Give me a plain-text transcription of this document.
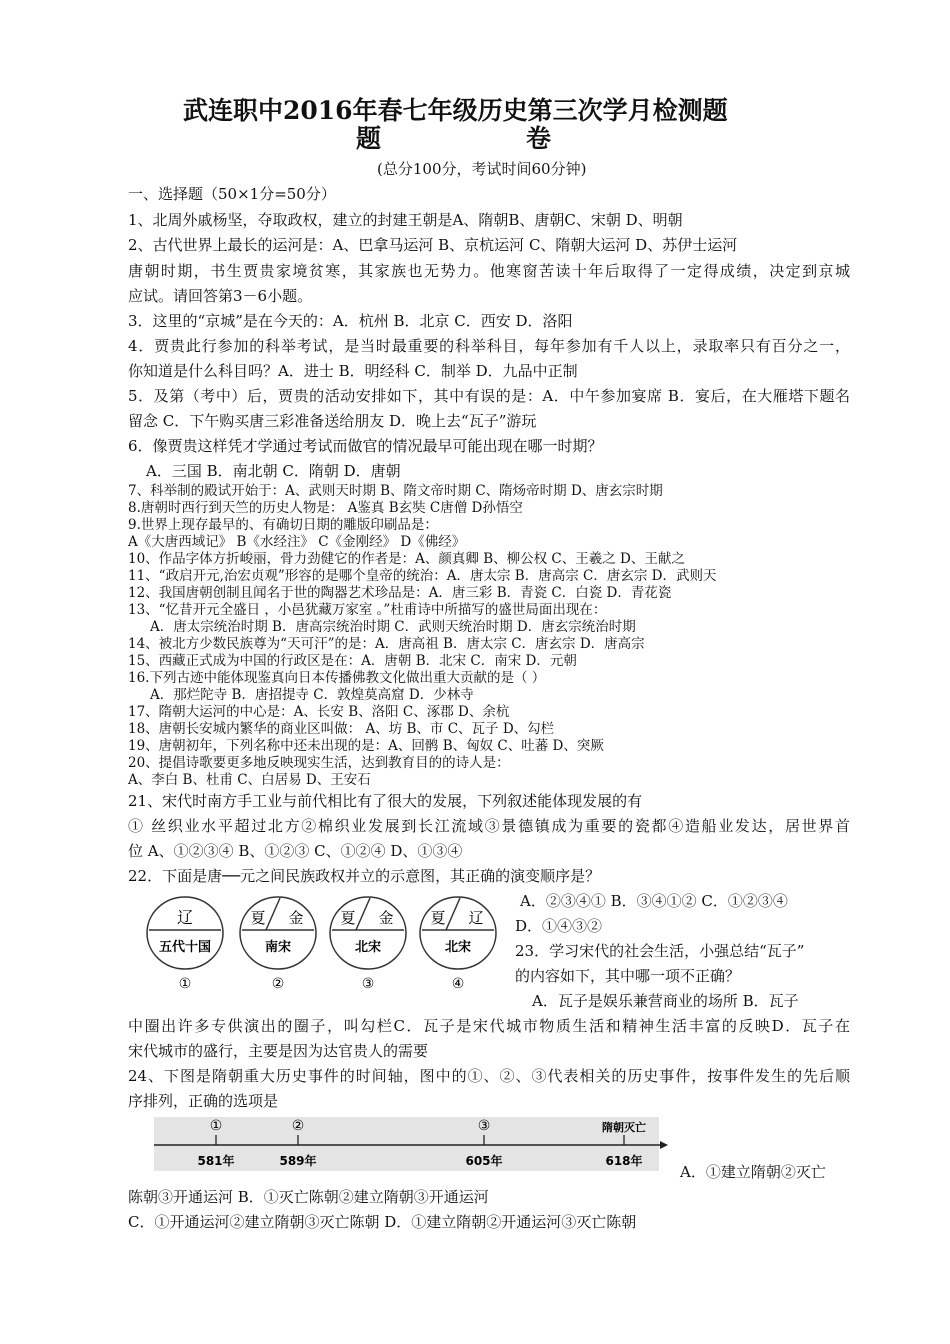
武连职中2016年春七年级历史第三次学月检测题
题	卷
(总分100分，考试时间60分钟)
一、选择题（50×1分=50分）
1、北周外戚杨坚，夺取政权，建立的封建王朝是A、隋朝B、唐朝C、宋朝 D、明朝
2、古代世界上最长的运河是：A、巴拿马运河 B、京杭运河 C、隋朝大运河 D、苏伊士运河
唐朝时期，书生贾贵家境贫寒，其家族也无势力。他寒窗苦读十年后取得了一定得成绩，决定到京城
应试。请回答第3－6小题。
3．这里的“京城”是在今天的：A．杭州 B．北京 C．西安 D．洛阳
4．贾贵此行参加的科举考试，是当时最重要的科举科目，每年参加有千人以上，录取率只有百分之一，
你知道是什么科目吗？A．进士 B．明经科 C．制举 D．九品中正制
5．及第（考中）后，贾贵的活动安排如下，其中有误的是：A．中午参加宴席 B．宴后，在大雁塔下题名
留念 C．下午购买唐三彩准备送给朋友 D．晚上去“瓦子”游玩
6．像贾贵这样凭才学通过考试而做官的情况最早可能出现在哪一时期？
A．三国 B．南北朝 C．隋朝 D．唐朝
7、科举制的殿试开始于：A、武则天时期 B、隋文帝时期 C、隋炀帝时期 D、唐玄宗时期
8.唐朝时西行到天竺的历史人物是： A鉴真 B玄奘 C唐僧 D孙悟空
9.世界上现存最早的、有确切日期的雕版印刷品是：
A《大唐西域记》 B《水经注》 C《金刚经》 D《佛经》
10、作品字体方折峻丽，骨力劲健它的作者是：A、颜真卿 B、柳公权 C、王羲之 D、王献之
11、“政启开元,治宏贞观”形容的是哪个皇帝的统治：A．唐太宗 B．唐高宗 C．唐玄宗 D．武则天
12、我国唐朝创制且闻名于世的陶器艺术珍品是：A．唐三彩 B．青瓷 C．白瓷 D．青花瓷
13、“忆昔开元全盛日 ，小邑犹藏万家室 。”杜甫诗中所描写的盛世局面出现在：
A．唐太宗统治时期 B．唐高宗统治时期 C．武则天统治时期 D．唐玄宗统治时期
14、被北方少数民族尊为“天可汗”的是：A．唐高祖 B．唐太宗 C．唐玄宗 D．唐高宗
15、西藏正式成为中国的行政区是在：A．唐朝 B．北宋 C．南宋 D．元朝
16.下列古迹中能体现鉴真向日本传播佛教文化做出重大贡献的是（ ）
A．那烂陀寺 B．唐招提寺 C．敦煌莫高窟 D．少林寺
17、隋朝大运河的中心是：A、长安 B、洛阳 C、涿郡 D、余杭
18、唐朝长安城内繁华的商业区叫做： A、坊 B、市 C、瓦子 D、勾栏
19、唐朝初年，下列名称中还未出现的是：A、回鹘 B、匈奴 C、吐蕃 D、突厥
20、提倡诗歌要更多地反映现实生活，达到教育目的的诗人是：
A、李白 B、杜甫 C、白居易 D、王安石
21、宋代时南方手工业与前代相比有了很大的发展，下列叙述能体现发展的有
① 丝织业水平超过北方②棉织业发展到长江流域③景德镇成为重要的瓷都④造船业发达，居世界首
位 A、①②③④ B、①②③ C、①②④ D、①③④
22．下面是唐──元之间民族政权并立的示意图，其正确的演变顺序是？
A．②③④① B．③④①② C．①②③④
D．①④③②
23．学习宋代的社会生活，小强总结“瓦子”
的内容如下，其中哪一项不正确？
A．瓦子是娱乐兼营商业的场所 B．瓦子
中圈出许多专供演出的圈子，叫勾栏C．瓦子是宋代城市物质生活和精神生活丰富的反映D．瓦子在
宋代城市的盛行，主要是因为达官贵人的需要
24、下图是隋朝重大历史事件的时间轴，图中的①、②、③代表相关的历史事件，按事件发生的先后顺
序排列，正确的选项是
A．①建立隋朝②灭亡
陈朝③开通运河 B．①灭亡陈朝②建立隋朝③开通运河
C．①开通运河②建立隋朝③灭亡陈朝 D．①建立隋朝②开通运河③灭亡陈朝
辽
五代十国
①
夏 金
南宋
②
夏 金
北宋
③
夏 辽
北宋
④
①	②	③	隋朝灭亡
581年	589年	605年	618年
